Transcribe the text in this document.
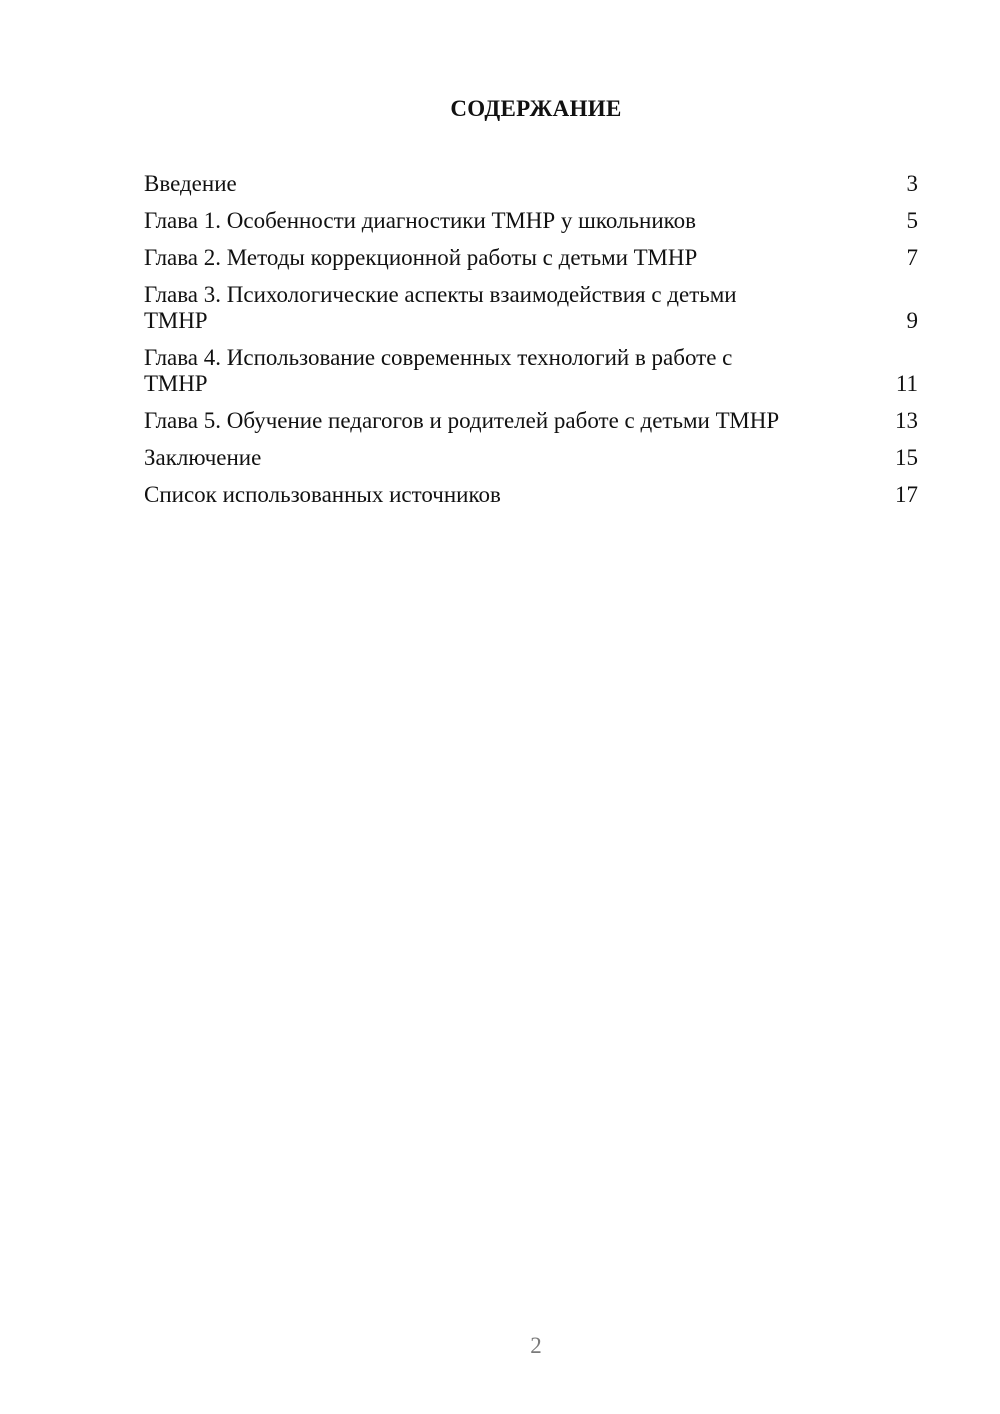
СОДЕРЖАНИЕ
Введение	3
Глава 1. Особенности диагностики ТМНР у школьников	5
Глава 2. Методы коррекционной работы с детьми ТМНР	7
Глава 3. Психологические аспекты взаимодействия с детьми ТМНР	9
Глава 4. Использование современных технологий в работе с ТМНР	11
Глава 5. Обучение педагогов и родителей работе с детьми ТМНР	13
Заключение	15
Список использованных источников	17
2
